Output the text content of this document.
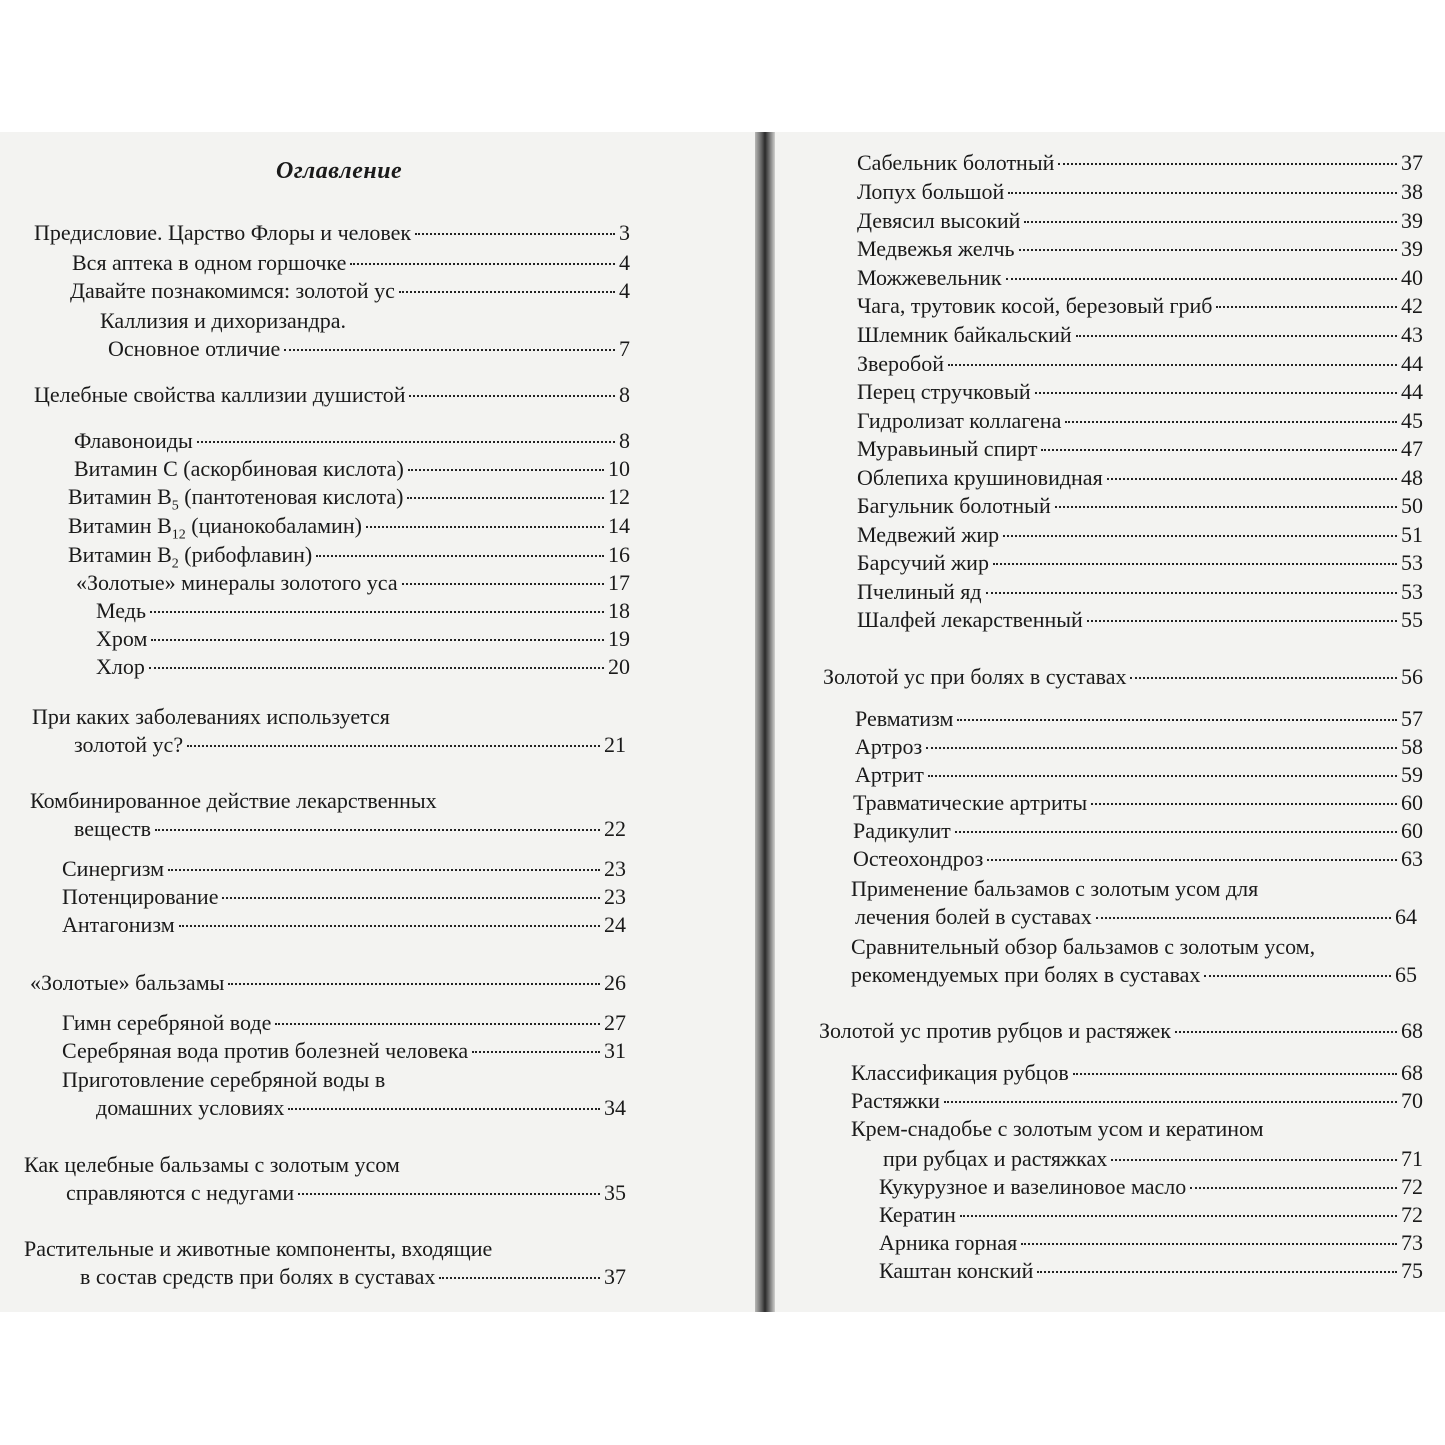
Оглавление
Предисловие. Царство Флоры и человек	3
Вся аптека в одном горшочке	4
Давайте познакомимся: золотой ус	4
Каллизия и дихоризандра.
Основное отличие	7
Целебные свойства каллизии душистой	8
Флавоноиды	8
Витамин С (аскорбиновая кислота)	10
Витамин $B_5$ (пантотеновая кислота)	12
Витамин $B_{12}$ (цианокобаламин)	14
Витамин $B_2$ (рибофлавин)	16
«Золотые» минералы золотого уса	17
Медь	18
Хром	19
Хлор	20
При каких заболеваниях используется
золотой ус?	21
Комбинированное действие лекарственных
веществ	22
Синергизм	23
Потенцирование	23
Антагонизм	24
«Золотые» бальзамы	26
Гимн серебряной воде	27
Серебряная вода против болезней человека	31
Приготовление серебряной воды в
домашних условиях	34
Как целебные бальзамы с золотым усом
справляются с недугами	35
Растительные и животные компоненты, входящие
в состав средств при болях в суставах	37
Сабельник болотный	37
Лопух большой	38
Девясил высокий	39
Медвежья желчь	39
Можжевельник	40
Чага, трутовик косой, березовый гриб	42
Шлемник байкальский	43
Зверобой	44
Перец стручковый	44
Гидролизат коллагена	45
Муравьиный спирт	47
Облепиха крушиновидная	48
Багульник болотный	50
Медвежий жир	51
Барсучий жир	53
Пчелиный яд	53
Шалфей лекарственный	55
Золотой ус при болях в суставах	56
Ревматизм	57
Артроз	58
Артрит	59
Травматические артриты	60
Радикулит	60
Остеохондроз	63
Применение бальзамов с золотым усом для
лечения болей в суставах	64
Сравнительный обзор бальзамов с золотым усом,
рекомендуемых при болях в суставах	65
Золотой ус против рубцов и растяжек	68
Классификация рубцов	68
Растяжки	70
Крем-снадобье с золотым усом и кератином
при рубцах и растяжках	71
Кукурузное и вазелиновое масло	72
Кератин	72
Арника горная	73
Каштан конский	75
